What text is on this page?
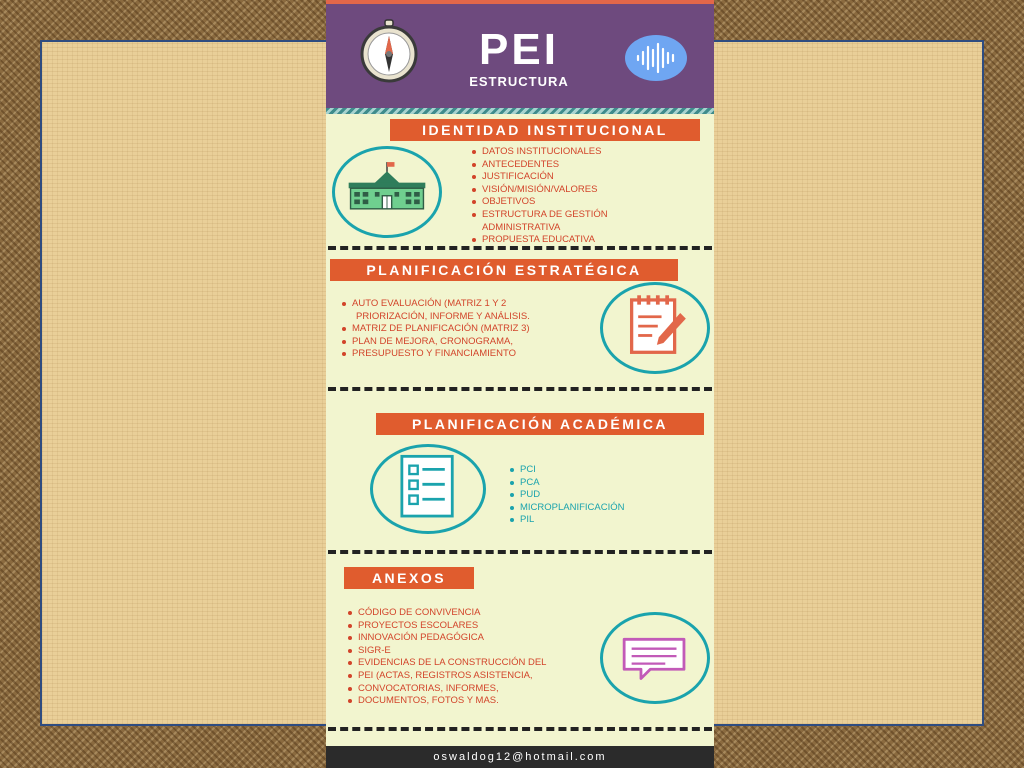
PEI
ESTRUCTURA
IDENTIDAD INSTITUCIONAL
DATOS INSTITUCIONALES
ANTECEDENTES
JUSTIFICACIÓN
VISIÓN/MISIÓN/VALORES
OBJETIVOS
ESTRUCTURA DE GESTIÓN
ADMINISTRATIVA
PROPUESTA EDUCATIVA
PLANIFICACIÓN ESTRATÉGICA
AUTO EVALUACIÓN (MATRIZ 1 Y 2
PRIORIZACIÓN, INFORME Y ANÁLISIS.
MATRIZ DE PLANIFICACIÓN (MATRIZ 3)
PLAN DE MEJORA, CRONOGRAMA,
PRESUPUESTO Y FINANCIAMIENTO
PLANIFICACIÓN ACADÉMICA
PCI
PCA
PUD
MICROPLANIFICACIÓN
PIL
ANEXOS
CÓDIGO DE CONVIVENCIA
PROYECTOS ESCOLARES
INNOVACIÓN PEDAGÓGICA
SIGR-E
EVIDENCIAS DE LA CONSTRUCCIÓN DEL
PEI (ACTAS, REGISTROS ASISTENCIA,
CONVOCATORIAS, INFORMES,
DOCUMENTOS, FOTOS Y MAS.
oswaldog12@hotmail.com
